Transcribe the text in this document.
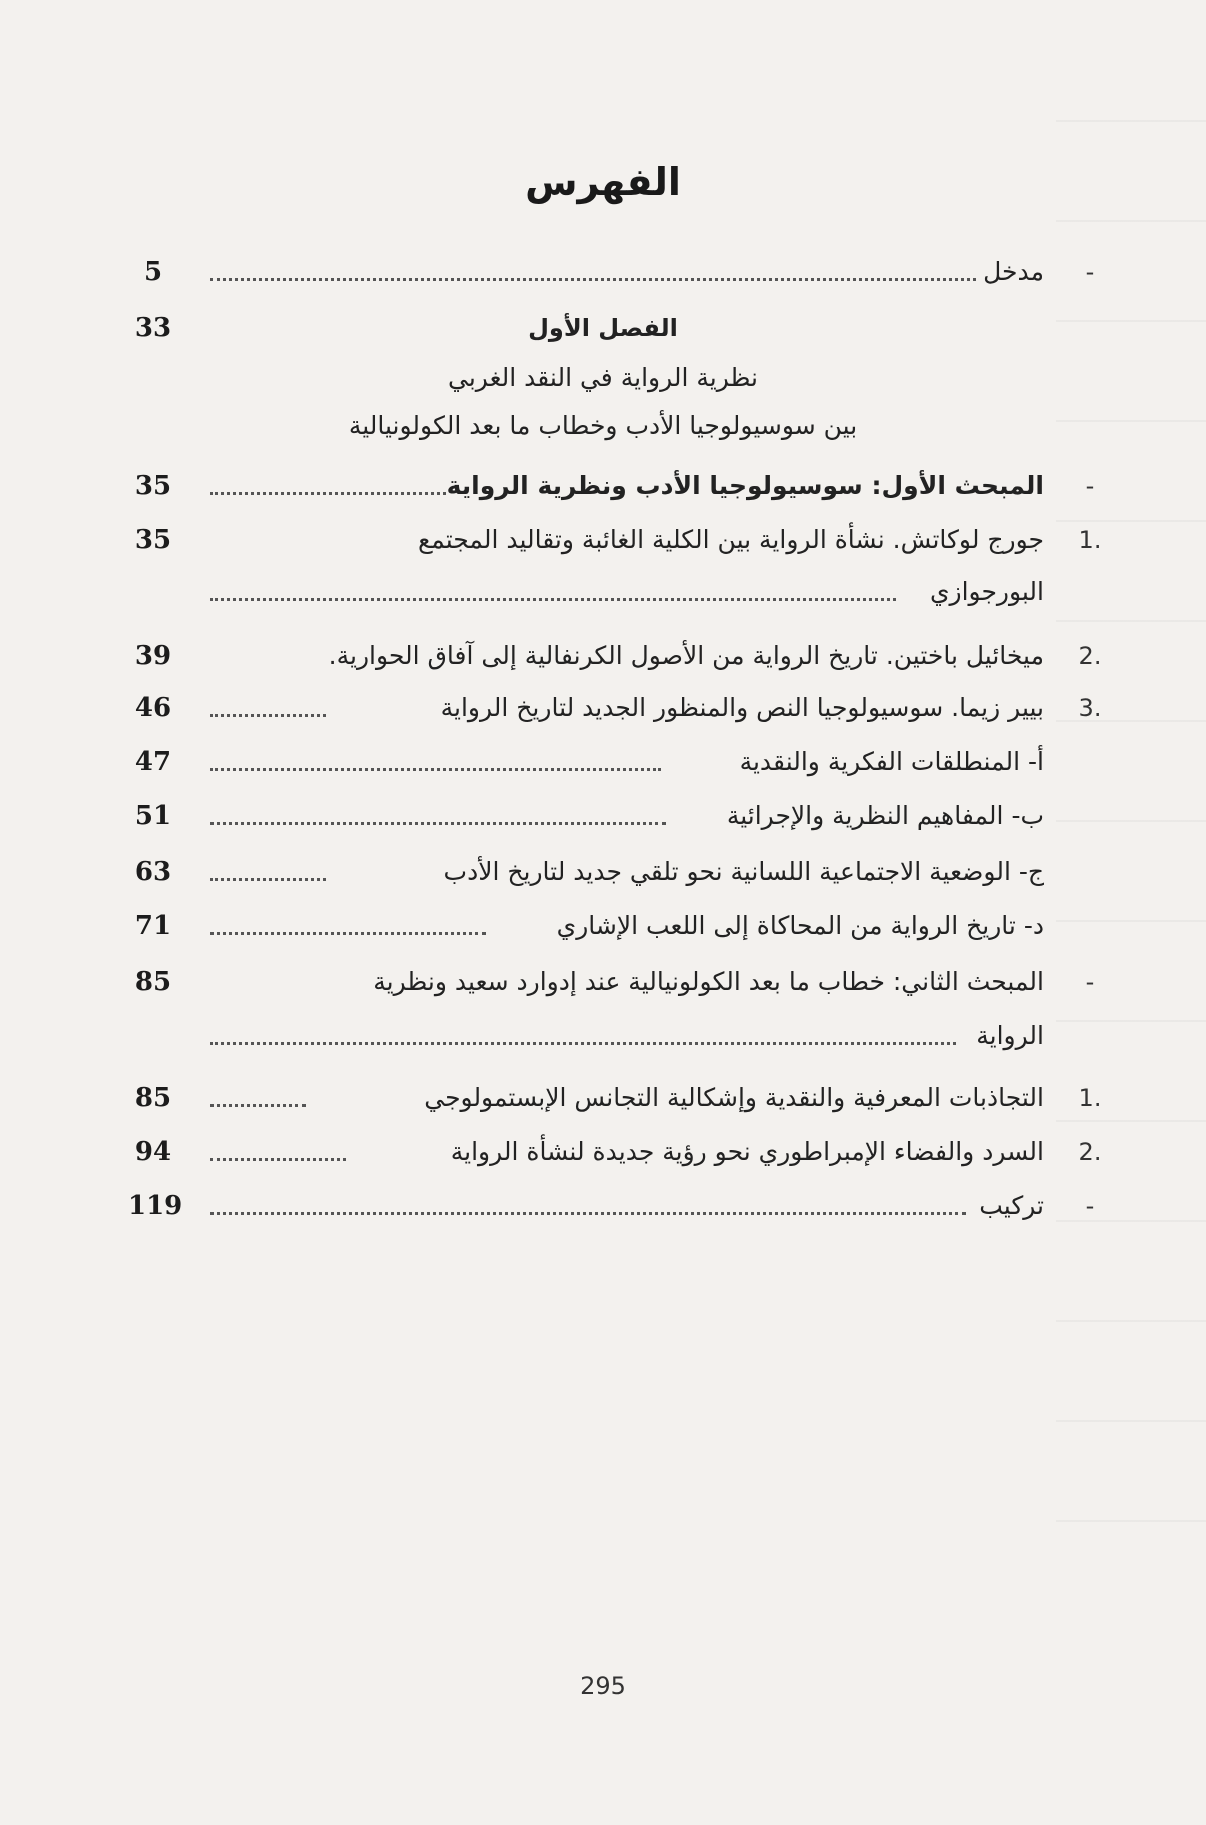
الفهرس
-
مدخل
5
الفصل الأول
33
نظرية الرواية في النقد الغربي
بين سوسيولوجيا الأدب وخطاب ما بعد الكولونيالية
-
المبحث الأول: سوسيولوجيا الأدب ونظرية الرواية
35
1.
جورج لوكاتش. نشأة الرواية بين الكلية الغائبة وتقاليد المجتمع
البورجوازي
35
2.
ميخائيل باختين. تاريخ الرواية من الأصول الكرنفالية إلى آفاق الحوارية.
39
3.
بيير زيما. سوسيولوجيا النص والمنظور الجديد لتاريخ الرواية
46
أ- المنطلقات الفكرية والنقدية
47
ب- المفاهيم النظرية والإجرائية
51
ج- الوضعية الاجتماعية اللسانية نحو تلقي جديد لتاريخ الأدب
63
د- تاريخ الرواية من المحاكاة إلى اللعب الإشاري
71
-
المبحث الثاني: خطاب ما بعد الكولونيالية عند إدوارد سعيد ونظرية
الرواية
85
1.
التجاذبات المعرفية والنقدية وإشكالية التجانس الإبستمولوجي
85
2.
السرد والفضاء الإمبراطوري نحو رؤية جديدة لنشأة الرواية
94
-
تركيب
119
295
